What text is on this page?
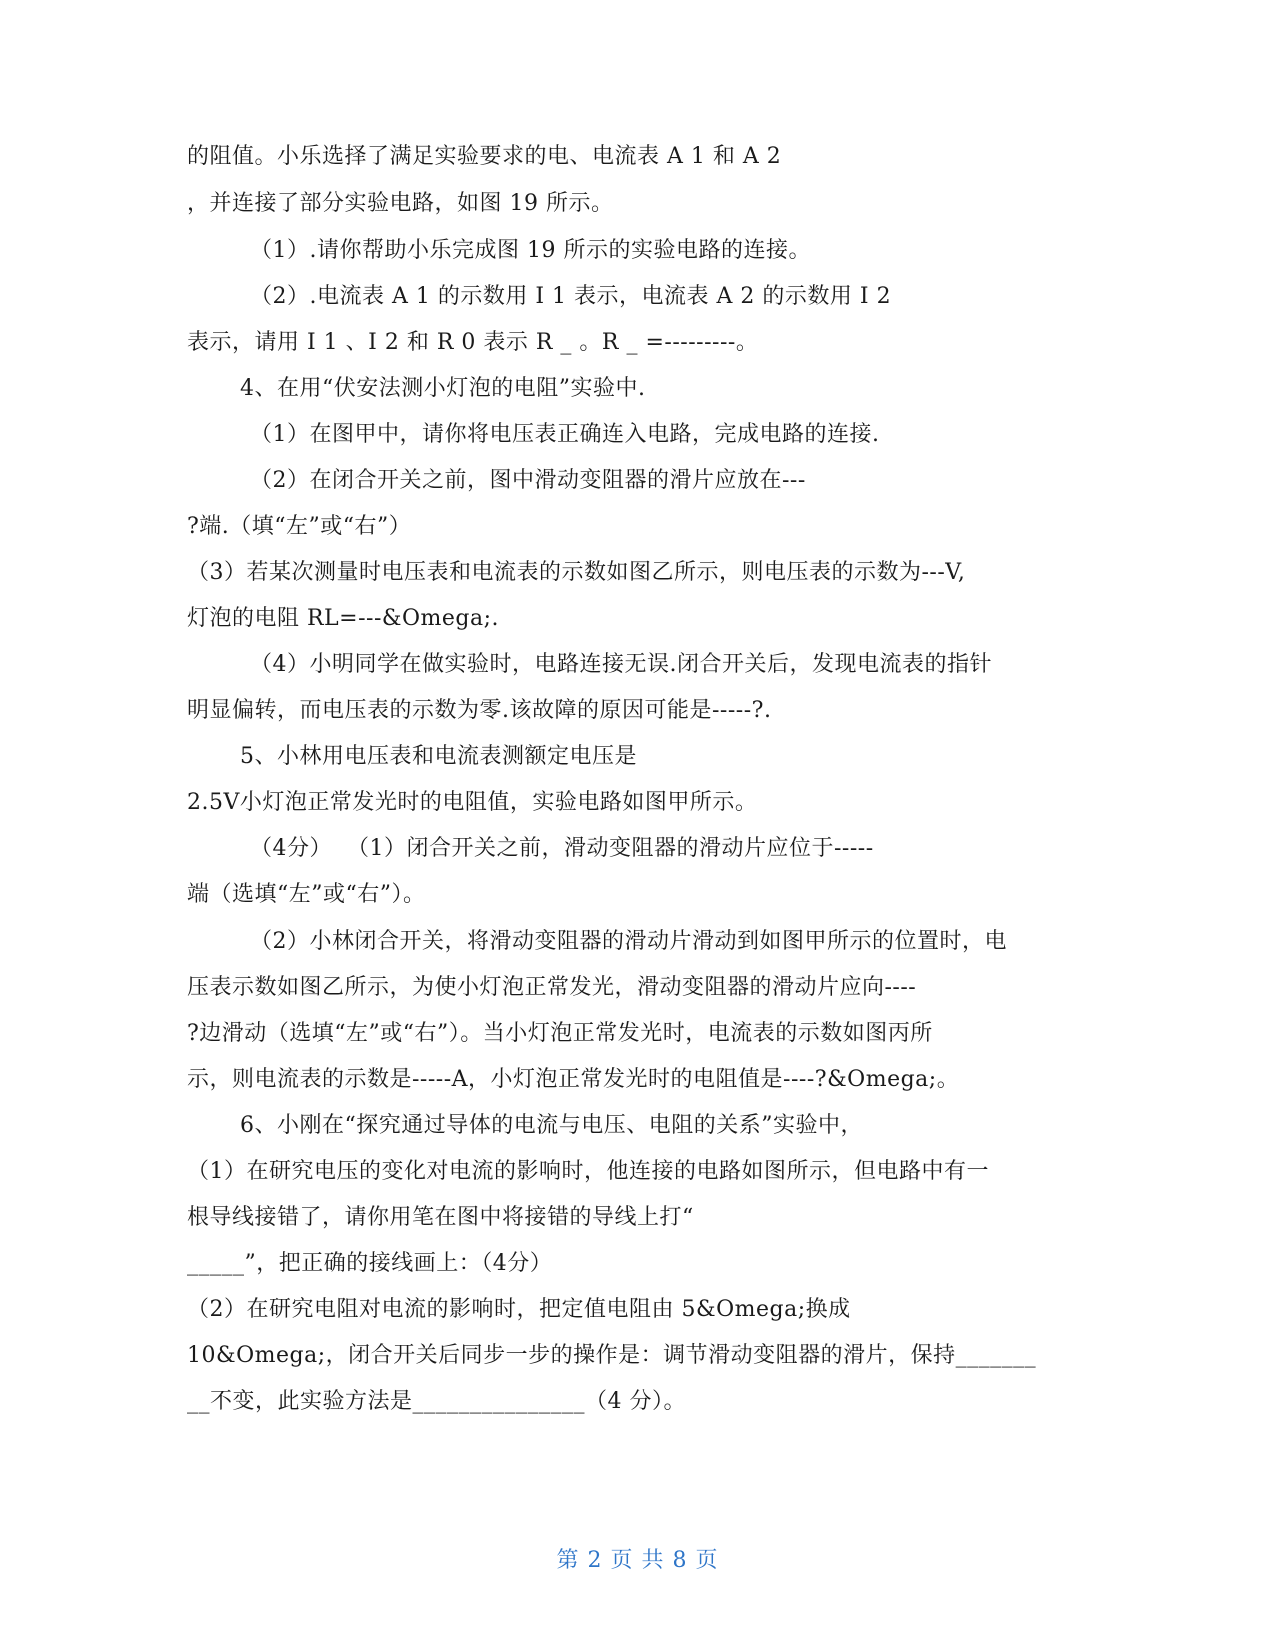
的阻值。小乐选择了满足实验要求的电、电流表 A 1 和 A 2
，并连接了部分实验电路，如图 19 所示。
（1）.请你帮助小乐完成图 19 所示的实验电路的连接。
（2）.电流表 A 1 的示数用 I 1 表示，电流表 A 2 的示数用 I 2
表示，请用 I 1 、I 2 和 R 0 表示 R _ 。R _ =---------。
4、在用“伏安法测小灯泡的电阻”实验中.
（1）在图甲中，请你将电压表正确连入电路，完成电路的连接.
（2）在闭合开关之前，图中滑动变阻器的滑片应放在---
?端.（填“左”或“右”）
（3）若某次测量时电压表和电流表的示数如图乙所示，则电压表的示数为---V,
灯泡的电阻 RL=---&Omega;.
（4）小明同学在做实验时，电路连接无误.闭合开关后，发现电流表的指针
明显偏转，而电压表的示数为零.该故障的原因可能是-----?.
5、小林用电压表和电流表测额定电压是
2.5V小灯泡正常发光时的电阻值，实验电路如图甲所示。
（4分）  （1）闭合开关之前，滑动变阻器的滑动片应位于-----
端（选填“左”或“右”）。
（2）小林闭合开关，将滑动变阻器的滑动片滑动到如图甲所示的位置时，电
压表示数如图乙所示，为使小灯泡正常发光，滑动变阻器的滑动片应向----
?边滑动（选填“左”或“右”）。当小灯泡正常发光时，电流表的示数如图丙所
示，则电流表的示数是-----A，小灯泡正常发光时的电阻值是----?&Omega;。
6、小刚在“探究通过导体的电流与电压、电阻的关系”实验中，
（1）在研究电压的变化对电流的影响时，他连接的电路如图所示，但电路中有一
根导线接错了，请你用笔在图中将接错的导线上打“
_____”，把正确的接线画上：（4分）
（2）在研究电阻对电流的影响时，把定值电阻由 5&Omega;换成
10&Omega;，闭合开关后同步一步的操作是：调节滑动变阻器的滑片，保持_______
__不变，此实验方法是_______________（4 分）。
第 2 页 共 8 页
